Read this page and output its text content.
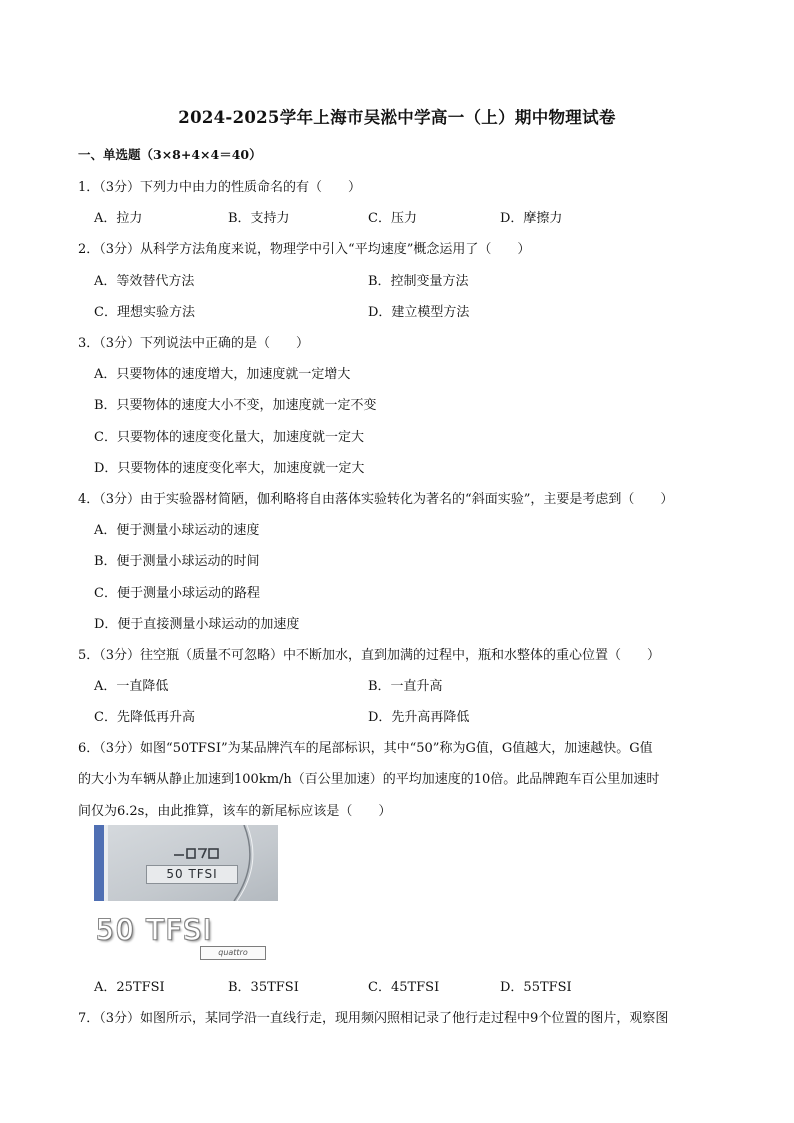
2024-2025学年上海市吴淞中学高一（上）期中物理试卷
一、单选题（3×8+4×4＝40）
1．（3分）下列力中由力的性质命名的有（　　）
A．拉力	B．支持力	C．压力	D．摩擦力
2．（3分）从科学方法角度来说，物理学中引入“平均速度”概念运用了（　　）
A．等效替代方法	B．控制变量方法
C．理想实验方法	D．建立模型方法
3．（3分）下列说法中正确的是（　　）
A．只要物体的速度增大，加速度就一定增大
B．只要物体的速度大小不变，加速度就一定不变
C．只要物体的速度变化量大，加速度就一定大
D．只要物体的速度变化率大，加速度就一定大
4．（3分）由于实验器材简陋，伽利略将自由落体实验转化为著名的“斜面实验”，主要是考虑到（　　）
A．便于测量小球运动的速度
B．便于测量小球运动的时间
C．便于测量小球运动的路程
D．便于直接测量小球运动的加速度
5．（3分）往空瓶（质量不可忽略）中不断加水，直到加满的过程中，瓶和水整体的重心位置（　　）
A．一直降低	B．一直升高
C．先降低再升高	D．先升高再降低
6．（3分）如图“50TFSI”为某品牌汽车的尾部标识，其中“50”称为G值，G值越大，加速越快。G值
的大小为车辆从静止加速到100km/h（百公里加速）的平均加速度的10倍。此品牌跑车百公里加速时
间仅为6.2s，由此推算，该车的新尾标应该是（　　）
50 TFSI
50 TFSI
quattro
A．25TFSI	B．35TFSI	C．45TFSI	D．55TFSI
7．（3分）如图所示，某同学沿一直线行走，现用频闪照相记录了他行走过程中9个位置的图片，观察图
